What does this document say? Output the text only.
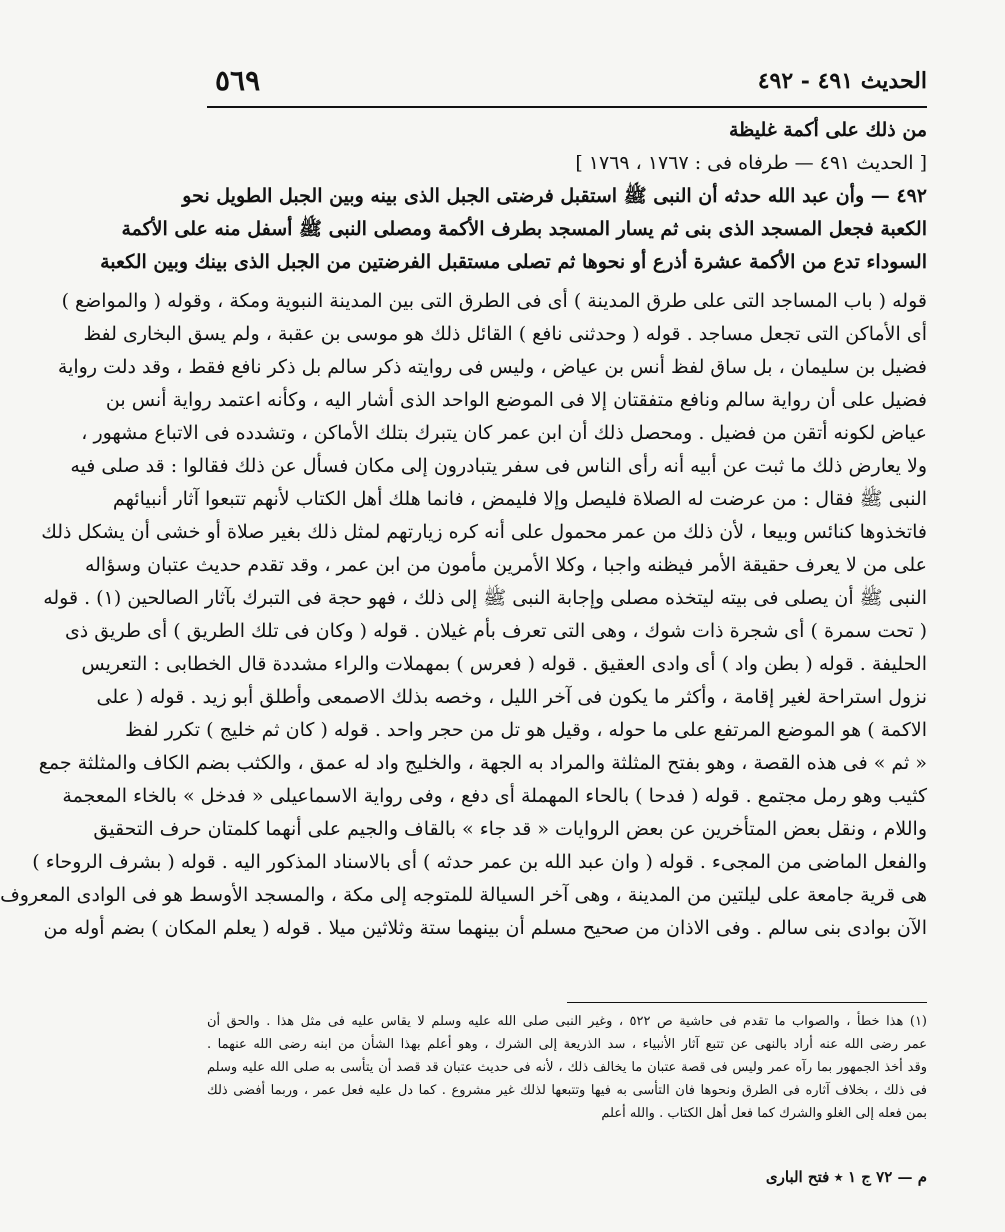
٥٦٩	الحديث ٤٩١ - ٤٩٢
من ذلك على أكمة غليظة
[ الحديث ٤٩١ — طرفاه فى : ١٧٦٧ ، ١٧٦٩ ]
٤٩٢ — وأن عبد الله حدثه أن النبى ﷺ استقبل فرضتى الجبل الذى بينه وبين الجبل الطويل نحو
الكعبة فجعل المسجد الذى بنى ثم يسار المسجد بطرف الأكمة ومصلى النبى ﷺ أسفل منه على الأكمة
السوداء تدع من الأكمة عشرة أذرع أو نحوها ثم تصلى مستقبل الفرضتين من الجبل الذى بينك وبين الكعبة
قوله ( باب المساجد التى على طرق المدينة ) أى فى الطرق التى بين المدينة النبوية ومكة ، وقوله ( والمواضع )
أى الأماكن التى تجعل مساجد . قوله ( وحدثنى نافع ) القائل ذلك هو موسى بن عقبة ، ولم يسق البخارى لفظ
فضيل بن سليمان ، بل ساق لفظ أنس بن عياض ، وليس فى روايته ذكر سالم بل ذكر نافع فقط ، وقد دلت رواية
فضيل على أن رواية سالم ونافع متفقتان إلا فى الموضع الواحد الذى أشار اليه ، وكأنه اعتمد رواية أنس بن
عياض لكونه أتقن من فضيل . ومحصل ذلك أن ابن عمر كان يتبرك بتلك الأماكن ، وتشدده فى الاتباع مشهور ،
ولا يعارض ذلك ما ثبت عن أبيه أنه رأى الناس فى سفر يتبادرون إلى مكان فسأل عن ذلك فقالوا : قد صلى فيه
النبى ﷺ فقال : من عرضت له الصلاة فليصل وإلا فليمض ، فانما هلك أهل الكتاب لأنهم تتبعوا آثار أنبيائهم
فاتخذوها كنائس وبيعا ، لأن ذلك من عمر محمول على أنه كره زيارتهم لمثل ذلك بغير صلاة أو خشى أن يشكل ذلك
على من لا يعرف حقيقة الأمر فيظنه واجبا ، وكلا الأمرين مأمون من ابن عمر ، وقد تقدم حديث عتبان وسؤاله
النبى ﷺ أن يصلى فى بيته ليتخذه مصلى وإجابة النبى ﷺ إلى ذلك ، فهو حجة فى التبرك بآثار الصالحين (١) . قوله
( تحت سمرة ) أى شجرة ذات شوك ، وهى التى تعرف بأم غيلان . قوله ( وكان فى تلك الطريق ) أى طريق ذى
الحليفة . قوله ( بطن واد ) أى وادى العقيق . قوله ( فعرس ) بمهملات والراء مشددة قال الخطابى : التعريس
نزول استراحة لغير إقامة ، وأكثر ما يكون فى آخر الليل ، وخصه بذلك الاصمعى وأطلق أبو زيد . قوله ( على
الاكمة ) هو الموضع المرتفع على ما حوله ، وقيل هو تل من حجر واحد . قوله ( كان ثم خليج ) تكرر لفظ
« ثم » فى هذه القصة ، وهو بفتح المثلثة والمراد به الجهة ، والخليج واد له عمق ، والكثب بضم الكاف والمثلثة جمع
كثيب وهو رمل مجتمع . قوله ( فدحا ) بالحاء المهملة أى دفع ، وفى رواية الاسماعيلى « فدخل » بالخاء المعجمة
واللام ، ونقل بعض المتأخرين عن بعض الروايات « قد جاء » بالقاف والجيم على أنهما كلمتان حرف التحقيق
والفعل الماضى من المجىء . قوله ( وان عبد الله بن عمر حدثه ) أى بالاسناد المذكور اليه . قوله ( بشرف الروحاء )
هى قرية جامعة على ليلتين من المدينة ، وهى آخر السيالة للمتوجه إلى مكة ، والمسجد الأوسط هو فى الوادى المعروف
الآن بوادى بنى سالم . وفى الاذان من صحيح مسلم أن بينهما ستة وثلاثين ميلا . قوله ( يعلم المكان ) بضم أوله من
(١) هذا خطأ ، والصواب ما تقدم فى حاشية ص ٥٢٢ ، وغير النبى صلى الله عليه وسلم لا يقاس عليه فى مثل هذا . والحق أن
عمر رضى الله عنه أراد بالنهى عن تتبع آثار الأنبياء ، سد الذريعة إلى الشرك ، وهو أعلم بهذا الشأن من ابنه رضى الله عنهما .
وقد أخذ الجمهور بما رآه عمر وليس فى قصة عتبان ما يخالف ذلك ، لأنه فى حديث عتبان قد قصد أن يتأسى به صلى الله عليه وسلم
فى ذلك ، بخلاف آثاره فى الطرق ونحوها فان التأسى به فيها وتتبعها لذلك غير مشروع . كما دل عليه فعل عمر ، وربما أفضى ذلك
بمن فعله إلى الغلو والشرك كما فعل أهل الكتاب . والله أعلم
م — ٧٢ ج ١ ٭ فتح البارى
